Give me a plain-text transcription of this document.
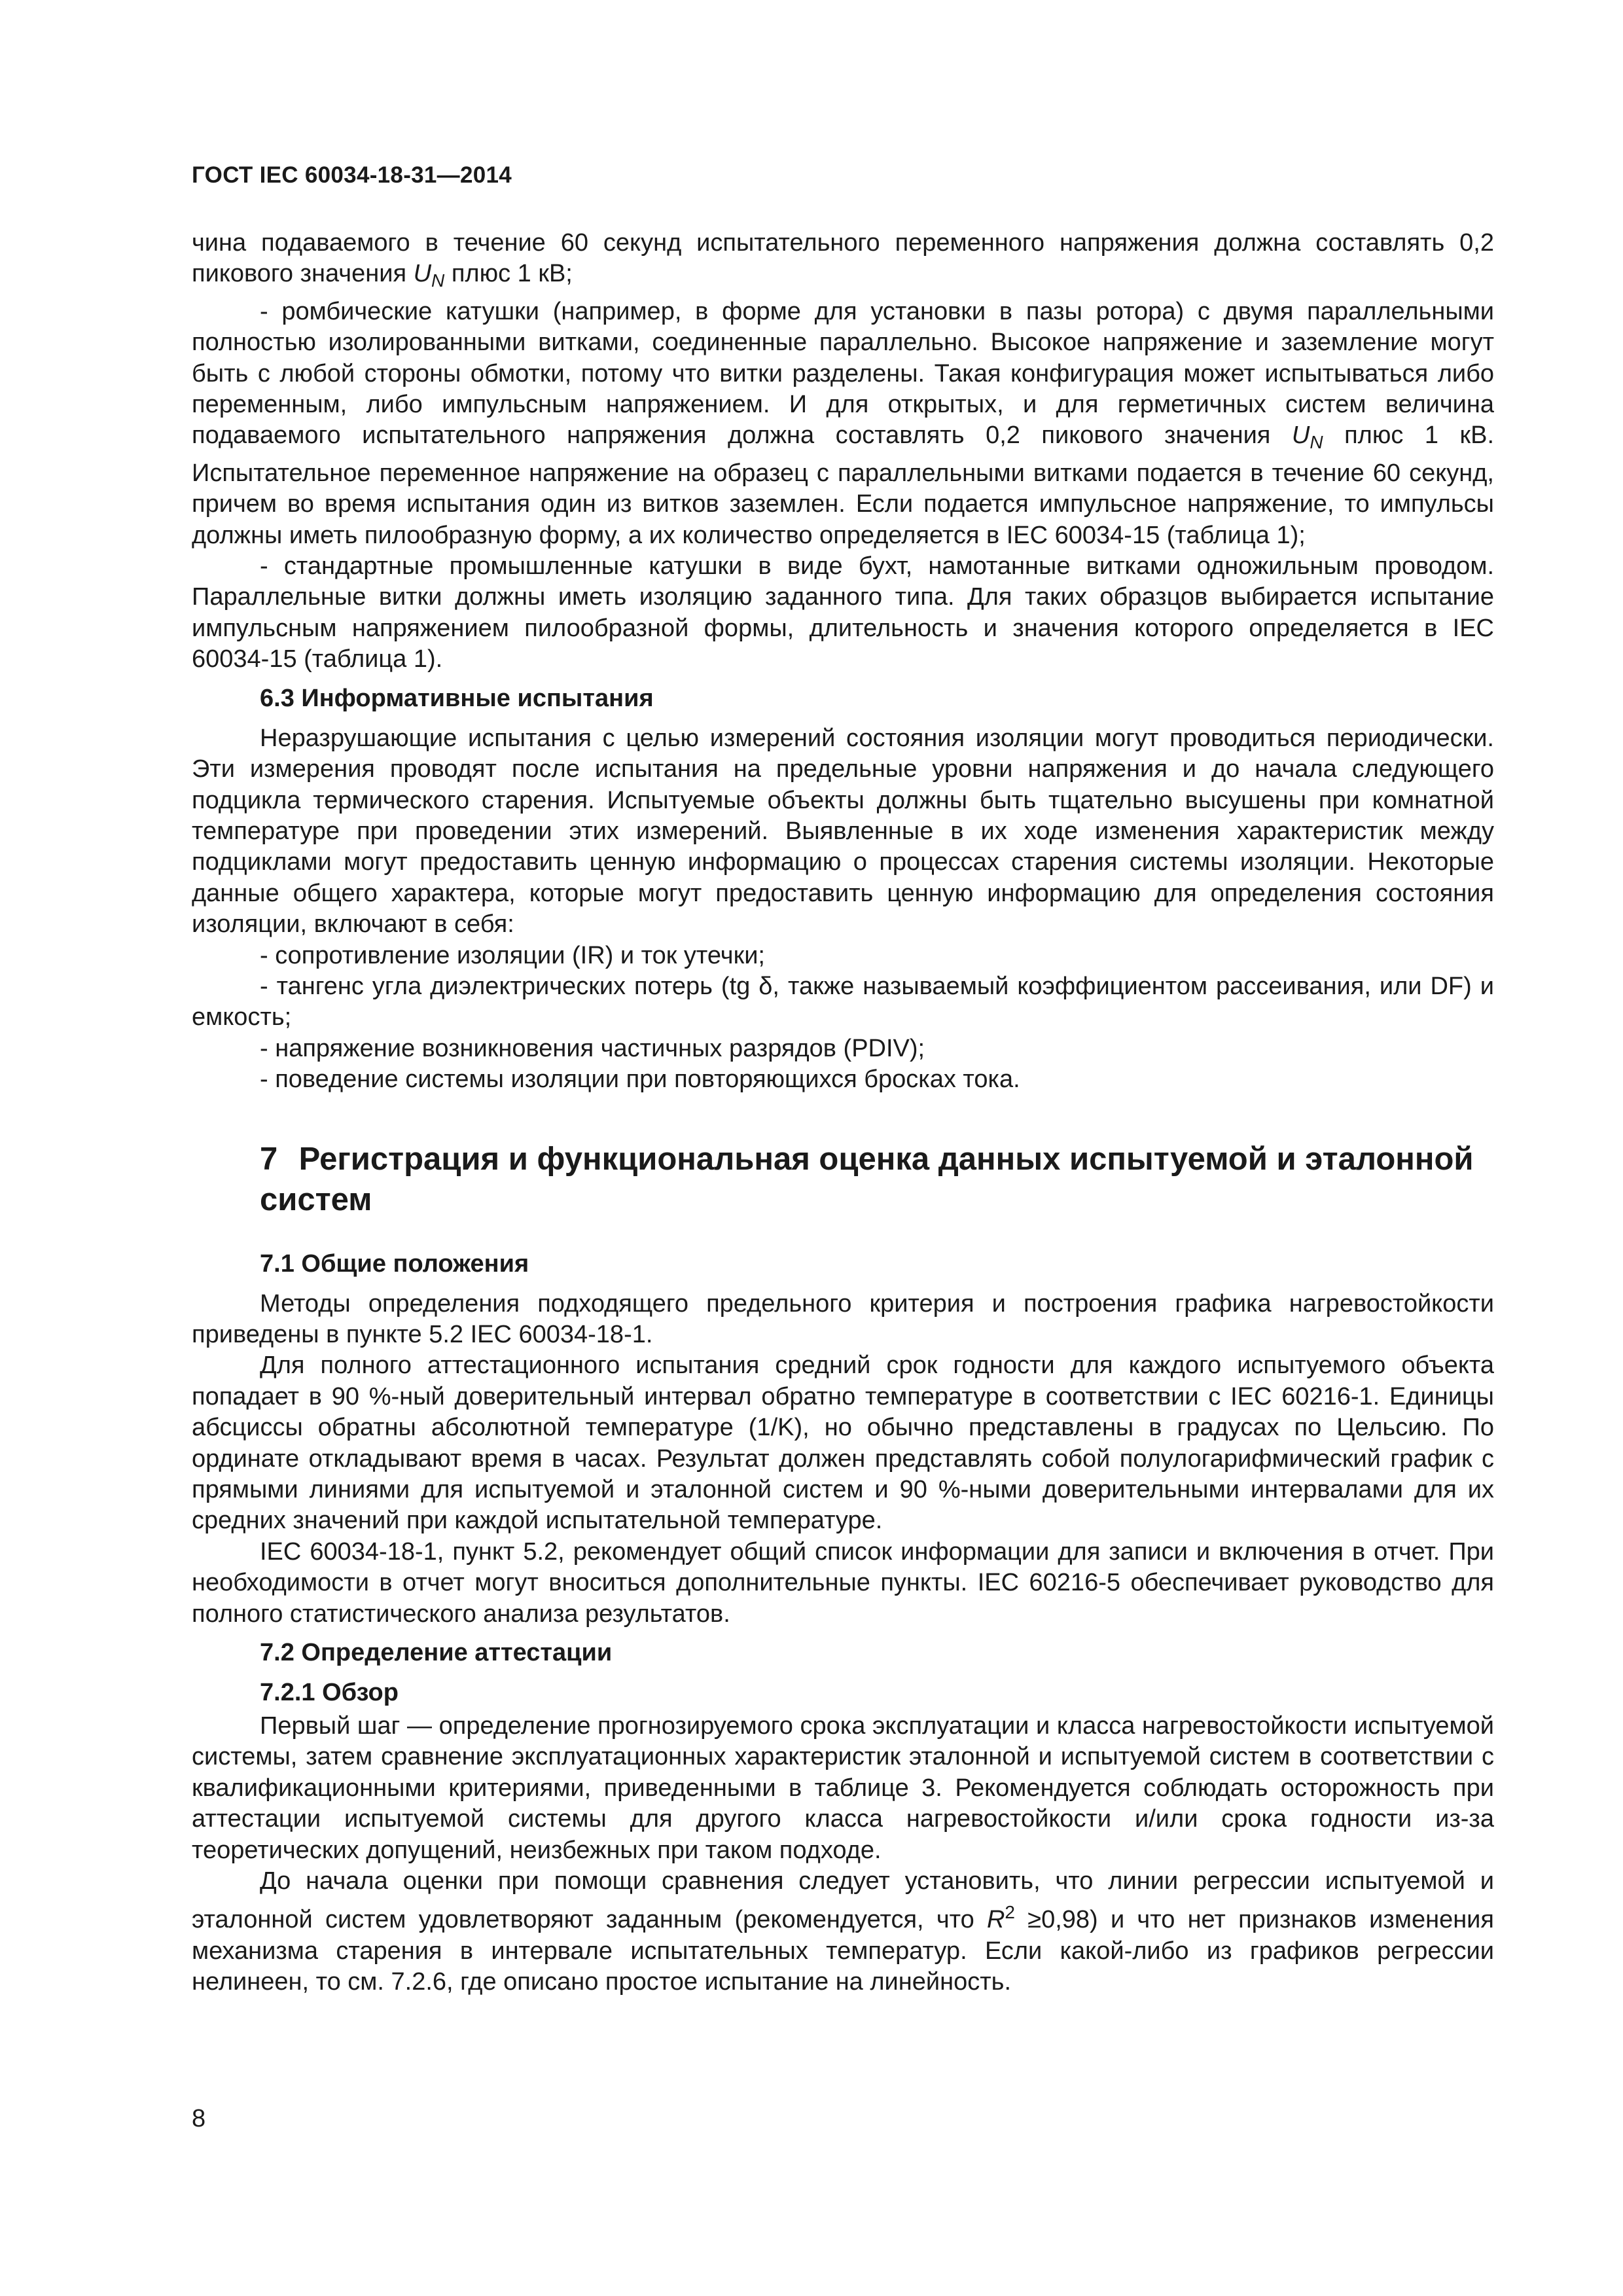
ГОСТ IEC 60034-18-31—2014

чина подаваемого в течение 60 секунд испытательного переменного напряжения должна составлять 0,2 пикового значения $U_N$ плюс 1 кВ;

- ромбические катушки (например, в форме для установки в пазы ротора) с двумя параллельными полностью изолированными витками, соединенные параллельно. Высокое напряжение и заземление могут быть с любой стороны обмотки, потому что витки разделены. Такая конфигурация может испытываться либо переменным, либо импульсным напряжением. И для открытых, и для герметичных систем величина подаваемого испытательного напряжения должна составлять 0,2 пикового значения $U_N$ плюс 1 кВ. Испытательное переменное напряжение на образец с параллельными витками подается в течение 60 секунд, причем во время испытания один из витков заземлен. Если подается импульсное напряжение, то импульсы должны иметь пилообразную форму, а их количество определяется в IEC 60034-15 (таблица 1);

- стандартные промышленные катушки в виде бухт, намотанные витками одножильным проводом. Параллельные витки должны иметь изоляцию заданного типа. Для таких образцов выбирается испытание импульсным напряжением пилообразной формы, длительность и значения которого определяется в IEC 60034-15 (таблица 1).

6.3 Информативные испытания

Неразрушающие испытания с целью измерений состояния изоляции могут проводиться периодически. Эти измерения проводят после испытания на предельные уровни напряжения и до начала следующего подцикла термического старения. Испытуемые объекты должны быть тщательно высушены при комнатной температуре при проведении этих измерений. Выявленные в их ходе изменения характеристик между подциклами могут предоставить ценную информацию о процессах старения системы изоляции. Некоторые данные общего характера, которые могут предоставить ценную информацию для определения состояния изоляции, включают в себя:

- сопротивление изоляции (IR) и ток утечки;

- тангенс угла диэлектрических потерь (tg δ, также называемый коэффициентом рассеивания, или DF) и емкость;

- напряжение возникновения частичных разрядов (PDIV);

- поведение системы изоляции при повторяющихся бросках тока.

7 Регистрация и функциональная оценка данных испытуемой и эталонной систем
7.1 Общие положения

Методы определения подходящего предельного критерия и построения графика нагревостойкости приведены в пункте 5.2 IEC 60034-18-1.

Для полного аттестационного испытания средний срок годности для каждого испытуемого объекта попадает в 90 %-ный доверительный интервал обратно температуре в соответствии с IEC 60216-1. Единицы абсциссы обратны абсолютной температуре (1/K), но обычно представлены в градусах по Цельсию. По ординате откладывают время в часах. Результат должен представлять собой полулогарифмический график с прямыми линиями для испытуемой и эталонной систем и 90 %-ными доверительными интервалами для их средних значений при каждой испытательной температуре.

IEC 60034-18-1, пункт 5.2, рекомендует общий список информации для записи и включения в отчет. При необходимости в отчет могут вноситься дополнительные пункты. IEC 60216-5 обеспечивает руководство для полного статистического анализа результатов.

7.2 Определение аттестации
7.2.1 Обзор

Первый шаг — определение прогнозируемого срока эксплуатации и класса нагревостойкости испытуемой системы, затем сравнение эксплуатационных характеристик эталонной и испытуемой систем в соответствии с квалификационными критериями, приведенными в таблице 3. Рекомендуется соблюдать осторожность при аттестации испытуемой системы для другого класса нагревостойкости и/или срока годности из-за теоретических допущений, неизбежных при таком подходе.

До начала оценки при помощи сравнения следует установить, что линии регрессии испытуемой и эталонной систем удовлетворяют заданным (рекомендуется, что $R^2 \ge 0,98$) и что нет признаков изменения механизма старения в интервале испытательных температур. Если какой-либо из графиков регрессии нелинеен, то см. 7.2.6, где описано простое испытание на линейность.

8
